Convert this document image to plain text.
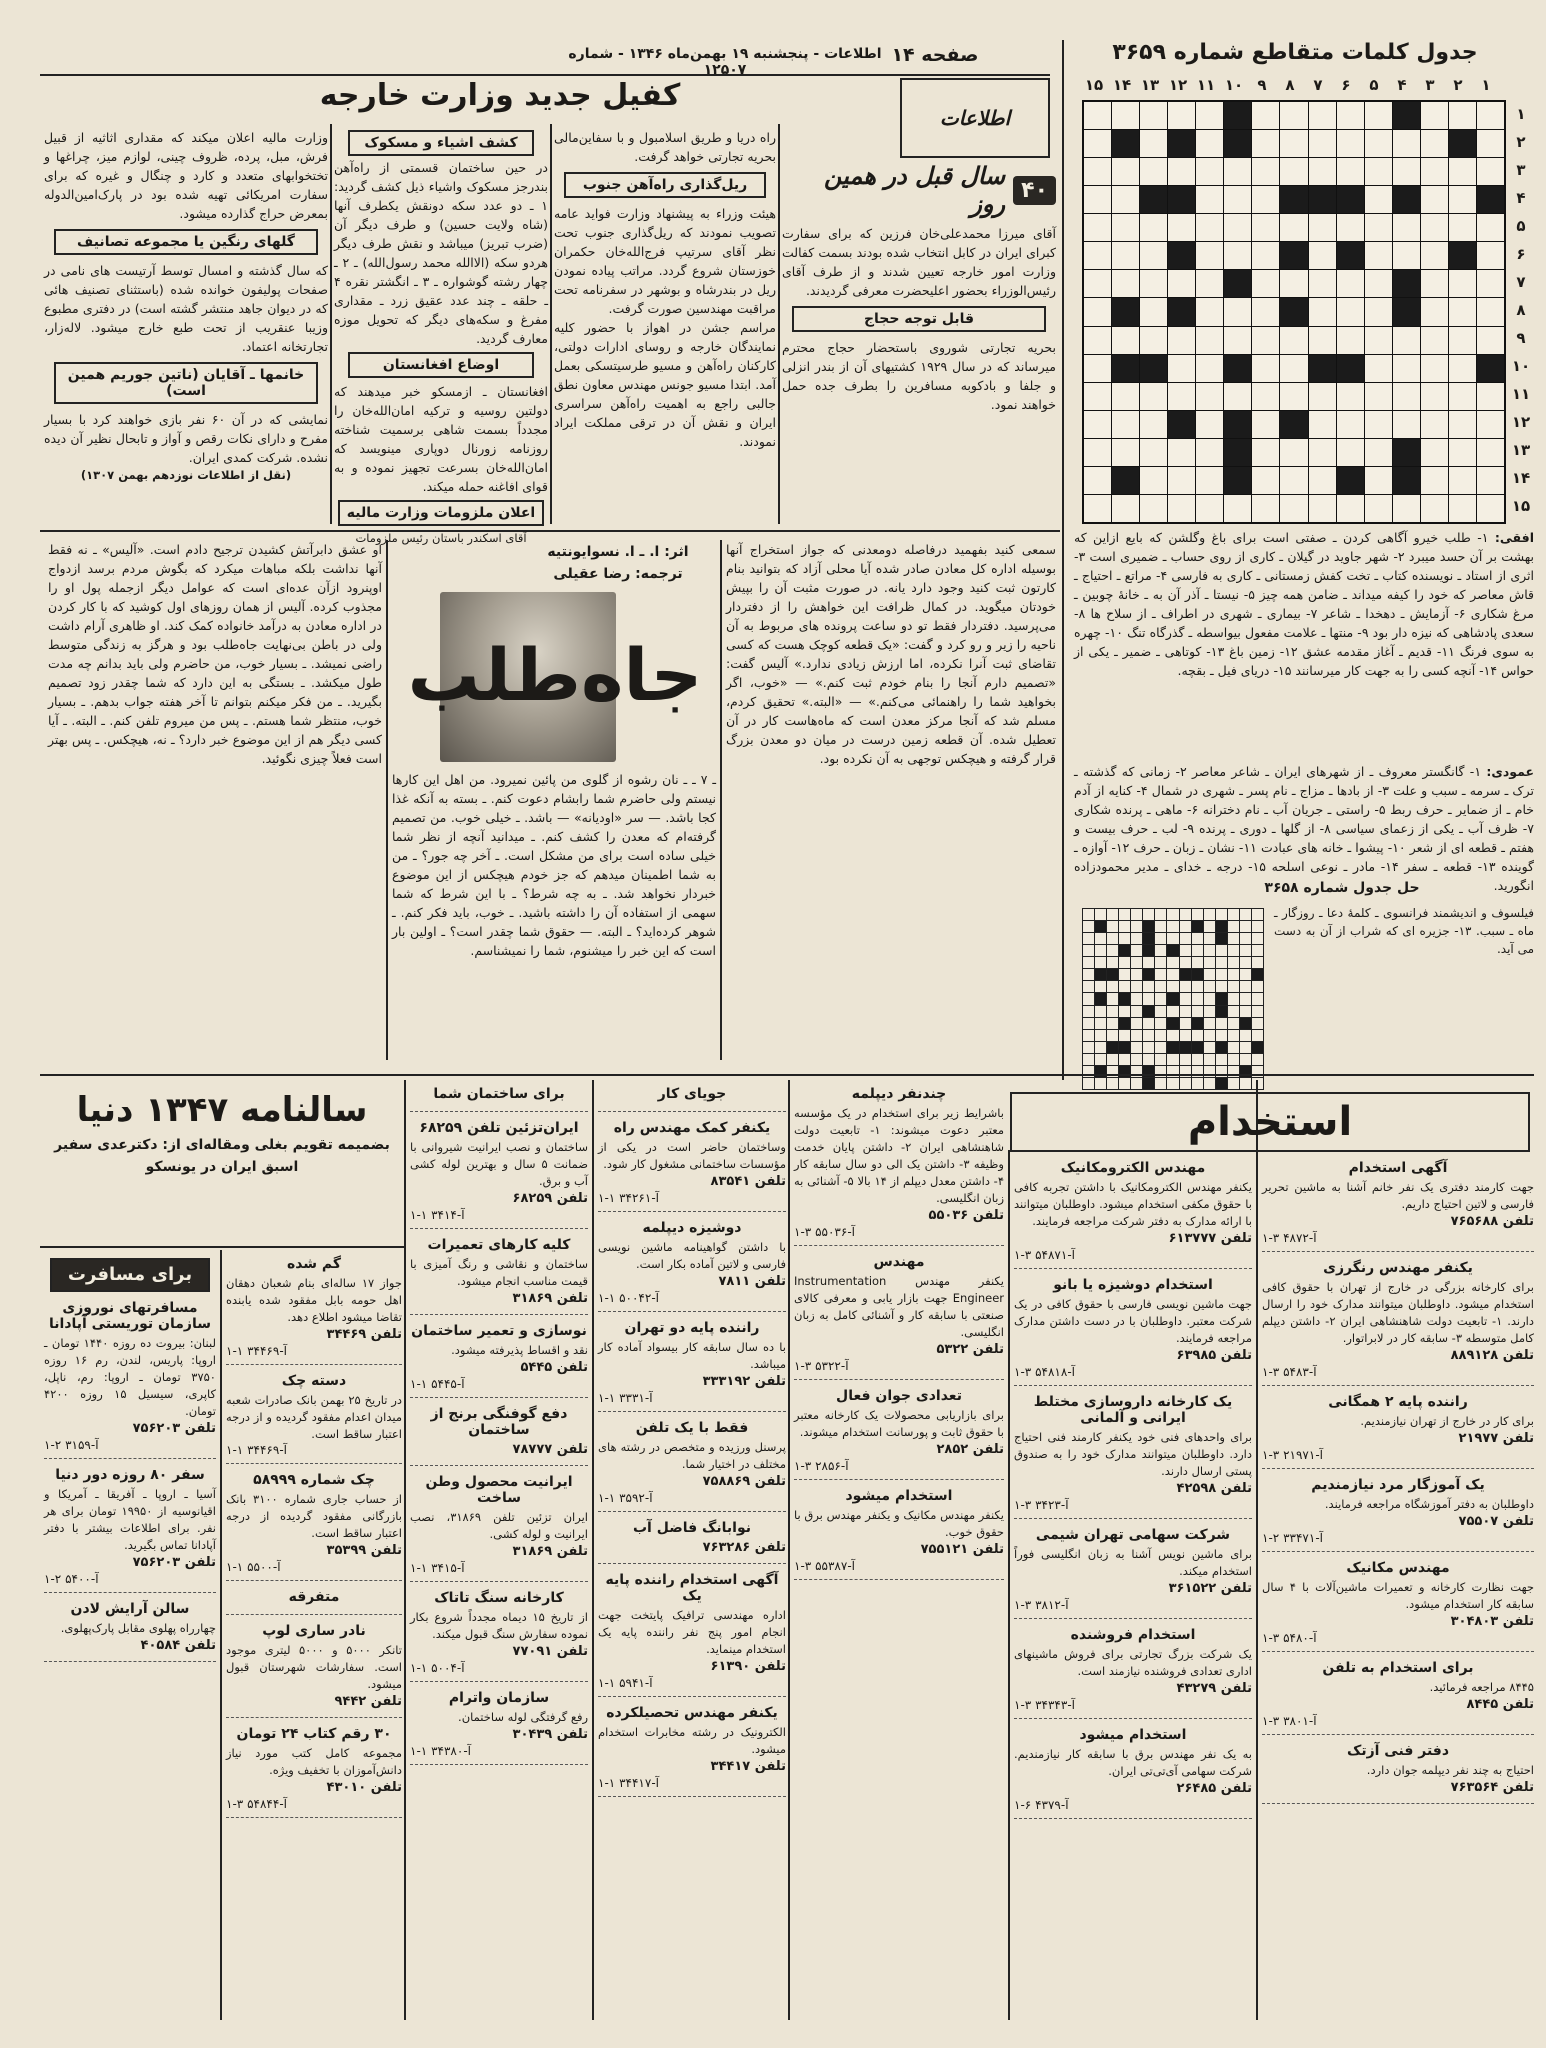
صفحه ۱۴
اطلاعات - پنجشنبه ۱۹ بهمن‌ماه ۱۳۴۶ - شماره ۱۲۵۰۷
جدول کلمات متقاطع شماره ۳۶۵۹
۱
۲
۳
۴
۵
۶
۷
۸
۹
۱۰
۱۱
۱۲
۱۳
۱۴
۱۵
۱
۲
۳
۴
۵
۶
۷
۸
۹
۱۰
۱۱
۱۲
۱۳
۱۴
۱۵
افقی: ۱- طلب خیرو آگاهی کردن ـ صفتی است برای باغ وگلشن که بایع ازاین که بهشت بر آن حسد میبرد ۲- شهر جاوید در گیلان ـ کاری از روی حساب ـ ضمیری است ۳- اثری از استاد ـ نویسنده کتاب ـ تخت کفش زمستانی ـ کاری به فارسی ۴- مراتع ـ احتیاج ـ قاش معاصر که خود را کیفه میداند ـ ضامن همه چیز ۵- نیستا ـ آذر آن به ـ خانهٔ چوبین ـ مرغ شکاری ۶- آزمایش ـ دهخدا ـ شاعر ۷- بیماری ـ شهری در اطراف ـ از سلاح ها ۸- سعدی پادشاهی که نیزه دار بود ۹- منتها ـ علامت مفعول بیواسطه ـ گذرگاه تنگ ۱۰- چهره به سوی فرنگ ۱۱- قدیم ـ آغاز مقدمه عشق ۱۲- زمین باغ ۱۳- کوتاهی ـ ضمیر ـ یکی از حواس ۱۴- آنچه کسی را به جهت کار میرسانند ۱۵- دریای فیل ـ بقچه.
عمودی: ۱- گانگستر معروف ـ از شهرهای ایران ـ شاعر معاصر ۲- زمانی که گذشته ـ ترک ـ سرمه ـ سبب و علت ۳- از بادها ـ مزاج ـ نام پسر ـ شهری در شمال ۴- کنایه از آدم خام ـ از ضمایر ـ حرف ربط ۵- راستی ـ جریان آب ـ نام دخترانه ۶- ماهی ـ پرنده شکاری ۷- ظرف آب ـ یکی از زعمای سیاسی ۸- از گلها ـ دوری ـ پرنده ۹- لب ـ حرف بیست و هفتم ـ قطعه ای از شعر ۱۰- پیشوا ـ خانه های عبادت ۱۱- نشان ـ زبان ـ حرف ۱۲- آوازه ـ گوینده ۱۳- قطعه ـ سفر ۱۴- مادر ـ نوعی اسلحه ۱۵- درجه ـ خدای ـ مدیر محمودزاده انگورید.
حل جدول شماره ۳۶۵۸
فیلسوف و اندیشمند فرانسوی ـ کلمهٔ دعا ـ روزگار ـ ماه ـ سبب. ۱۳- جزیره ای که شراب از آن به دست می آید.
کفیل جدید وزارت خارجه
اطلاعات
وزارت مالیه اعلان میکند که مقداری اثاثیه از قبیل فرش، مبل، پرده، ظروف چینی، لوازم میز، چراغها و تختخوابهای متعدد و کارد و چنگال و غیره که برای سفارت امریکائی تهیه شده بود در پارک‌امین‌الدوله بمعرض حراج گذارده میشود.
گلهای رنگین یا مجموعه تصانیف
که سال گذشته و امسال توسط آرتیست های نامی در صفحات پولیفون خوانده شده (باستثنای تصنیف هائی که در دیوان جاهد منتشر گشته است) در دفتری مطبوع وزیبا عنقریب از تحت طبع خارج میشود. لاله‌زار، تجارتخانه اعتماد.
خانمها ـ آقایان (ناتین جوریم همین است)
نمایشی که در آن ۶۰ نفر بازی خواهند کرد با بسیار مفرح و دارای نکات رقص و آواز و تابحال نظیر آن دیده نشده. شرکت کمدی ایران.
(نقل از اطلاعات نوزدهم بهمن ۱۳۰۷)
کشف اشیاء و مسکوک
در حین ساختمان قسمتی از راه‌آهن بندرجز مسکوک واشیاء ذیل کشف گردید: ۱ ـ دو عدد سکه دونقش یکطرف آنها (شاه ولایت حسین) و طرف دیگر آن (ضرب تبریز) میباشد و نقش‌ طرف دیگر هردو سکه (الاالله محمد رسول‌الله) ـ ۲ ـ چهار رشته گوشواره ـ ۳ ـ انگشتر نقره ۴ ـ حلقه ـ چند عدد عقیق زرد ـ مقداری مفرغ و سکه‌های دیگر که تحویل موزه معارف گردید.
اوضاع افغانستان
افغانستان ـ ازمسکو خبر میدهند که دولتین روسیه و ترکیه امان‌الله‌خان را مجدداً بسمت شاهی برسمیت شناخته روزنامه زورنال دوپاری مینویسد که امان‌الله‌خان بسرعت تجهیز نموده و به قوای افاغنه حمله میکند.
اعلان ملزومات وزارت مالیه
آقای اسکندر باستان رئیس ملزومات
راه دریا و طریق اسلامبول و با سفاین‌مالی بحریه تجارتی خواهد گرفت.
ریل‌گذاری راه‌آهن جنوب
هیئت وزراء به پیشنهاد وزارت فواید عامه تصویب نمودند که ریل‌گذاری جنوب تحت نظر آقای سرتیپ فرج‌الله‌خان حکمران خوزستان شروع گردد. مراتب پیاده نمودن ریل در بندرشاه و بوشهر در سفرنامه تحت مراقبت مهندسین صورت گرفت.
مراسم جشن در اهواز با حضور کلیه نمایندگان خارجه و روسای ادارات دولتی، کارکنان راه‌آهن و مسیو طرسیتسکی بعمل آمد. ابتدا مسیو جونس مهندس معاون نطق جالبی راجع به اهمیت راه‌آهن سراسری ایران و نقش آن در ترقی مملکت ایراد نمودند.
۴۰
سال قبل در همین روز
آقای میرزا محمدعلی‌خان فرزین که برای سفارت کبرای ایران در کابل انتخاب شده بودند بسمت کفالت وزارت امور خارجه تعیین شدند و از طرف آقای رئیس‌الوزراء بحضور اعلیحضرت معرفی گردیدند.
قابل توجه حجاج
بحریه تجارتی شوروی باستحضار حجاج محترم میرساند که در سال ۱۹۲۹ کشتیهای آن از بندر انزلی و جلفا و بادکوبه مسافرین را بطرف جده حمل خواهند نمود.
سمعی کنید بفهمید درفاصله دومعدنی که جواز استخراج آنها بوسیله اداره کل معادن صادر شده آیا محلی آزاد که بتوانید بنام کارتون ثبت کنید وجود دارد یانه. در صورت مثبت آن را بپیش خودتان میگوید. در کمال ظرافت این خواهش را از دفتردار می‌پرسید. دفتردار فقط تو دو ساعت پرونده های مربوط به آن ناحیه را زیر و رو کرد و گفت: «یک قطعه کوچک هست که کسی تقاضای ثبت آنرا نکرده، اما ارزش زیادی ندارد.» آلیس گفت: «تصمیم دارم آنجا را بنام خودم ثبت کنم.» — «خوب، اگر بخواهید شما را راهنمائی می‌کنم.» — «البته.» تحقیق کردم، مسلم شد که آنجا مرکز معدن است که ماه‌هاست کار در آن تعطیل شده. آن قطعه زمین درست در میان دو معدن بزرگ قرار گرفته و هیچکس توجهی به آن نکرده بود.
اثر: ا. ـ ا. نسوایونتیه
ترجمه: رضا عقیلی
جاه‌طلب
ـ ۷ ـ ـ نان رشوه از گلوی من پائین نمیرود. من اهل این کارها نیستم ولی حاضرم شما رابشام دعوت کنم. ـ بسته به آنکه غذا کجا باشد. — سر «اودیانه» — باشد. ـ خیلی خوب. من تصمیم گرفته‌ام که معدن را کشف کنم. ـ میدانید آنچه از نظر شما خیلی ساده است برای من مشکل است. ـ آخر چه جور؟ ـ من به شما اطمینان میدهم که جز خودم هیچکس از این موضوع خبردار نخواهد شد. ـ به چه شرط؟ ـ با این شرط که شما سهمی از استفاده آن را داشته باشید. ـ خوب، باید فکر کنم. ـ شوهر کرده‌اید؟ ـ البته. — حقوق شما چقدر است؟ ـ اولین بار است که این خبر را میشنوم، شما را نمیشناسم.
او عشق دابرآتش کشیدن ترجیح دادم است. «آلیس» ـ نه فقط آنها نداشت بلکه مباهات میکرد که بگوش مردم برسد ازدواج اوپنرود ازآن عده‌ای است که عوامل دیگر ازجمله پول او را مجذوب کرده. آلیس از همان روزهای اول کوشید که با کار کردن در اداره معادن به درآمد خانواده کمک کند. او ظاهری آرام داشت ولی در باطن بی‌نهایت جاه‌طلب بود و هرگز به زندگی متوسط راضی نمیشد. ـ بسیار خوب، من حاضرم ولی باید بدانم چه مدت طول میکشد. ـ بستگی به این دارد که شما چقدر زود تصمیم بگیرید. ـ من فکر میکنم بتوانم تا آخر هفته جواب بدهم. ـ بسیار خوب، منتظر شما هستم. ـ پس من میروم تلفن کنم. ـ البته. ـ آیا کسی دیگر هم از این موضوع خبر دارد؟ ـ نه، هیچکس. ـ پس بهتر است فعلاً چیزی نگوئید.
استخدام
آگهی استخدام

جهت کارمند دفتری یک نفر خانم آشنا به ماشین تحریر فارسی و لاتین احتیاج داریم.

تلفن ۷۶۵۶۸۸
آ-۴۸۷۲ ۳-۱
یکنفر مهندس رنگرزی

برای کارخانه بزرگی در خارج از تهران با حقوق کافی استخدام میشود. داوطلبان میتوانند مدارک خود را ارسال دارند. ۱- تابعیت دولت شاهنشاهی ایران ۲- داشتن دیپلم کامل متوسطه ۳- سابقه کار در لابراتوار.

تلفن ۸۸۹۱۲۸
آ-۵۴۸۳ ۳-۱
راننده پایه ۲ همگانی

برای کار در خارج از تهران نیازمندیم.

تلفن ۲۱۹۷۷
آ-۲۱۹۷۱ ۳-۱
یک آموزگار مرد نیازمندیم

داوطلبان به دفتر آموزشگاه مراجعه فرمایند.

تلفن ۷۵۵۰۷
آ-۳۳۴۷۱ ۲-۱
مهندس مکانیک

جهت نظارت کارخانه و تعمیرات ماشین‌آلات با ۴ سال سابقه کار استخدام میشود.

تلفن ۳۰۴۸۰۳
آ-۵۴۸۰ ۳-۱
برای استخدام به تلفن

۸۴۴۵ مراجعه فرمائید.

تلفن ۸۴۴۵
آ-۳۸۰۱ ۳-۱
دفتر فنی آزتک

احتیاج به چند نفر دیپلمه جوان دارد.

تلفن ۷۶۳۵۶۴
مهندس الکترومکانیک

یکنفر مهندس الکترومکانیک با داشتن تجربه کافی با حقوق مکفی استخدام میشود. داوطلبان میتوانند با ارائه مدارک به دفتر شرکت مراجعه فرمایند.

تلفن ۶۱۳۷۷۷
آ-۵۴۸۷۱ ۳-۱
استخدام دوشیزه یا بانو

جهت ماشین نویسی فارسی با حقوق کافی در یک شرکت معتبر. داوطلبان با در دست داشتن مدارک مراجعه فرمایند.

تلفن ۶۳۹۸۵
آ-۵۴۸۱۸ ۳-۱
یک کارخانه داروسازی مختلط ایرانی و آلمانی

برای واحدهای فنی خود یکنفر کارمند فنی احتیاج دارد. داوطلبان میتوانند مدارک خود را به صندوق پستی ارسال دارند.

تلفن ۴۲۵۹۸
آ-۳۴۲۳ ۳-۱
شرکت سهامی تهران شیمی

برای ماشین نویس آشنا به زبان انگلیسی فوراً استخدام میکند.

تلفن ۳۶۱۵۲۲
آ-۳۸۱۲ ۳-۱
استخدام فروشنده

یک شرکت بزرگ تجارتی برای فروش ماشینهای اداری تعدادی فروشنده نیازمند است.

تلفن ۴۳۲۷۹
آ-۳۴۳۴۳ ۳-۱
استخدام میشود

به یک نفر مهندس برق با سابقه کار نیازمندیم. شرکت سهامی آی‌تی‌تی ایران.

تلفن ۲۶۴۸۵
آ-۴۳۷۹ ۶-۱
چندنفر دیپلمه

باشرایط زیر برای استخدام در یک مؤسسه معتبر دعوت میشوند: ۱- تابعیت دولت شاهنشاهی ایران ۲- داشتن پایان خدمت وظیفه ۳- داشتن یک الی دو سال سابقه کار ۴- داشتن معدل دیپلم از ۱۴ بالا ۵- آشنائی به زبان انگلیسی.

تلفن ۵۵۰۳۶
آ-۵۵۰۳۶ ۳-۱
مهندس

یکنفر مهندس Instrumentation Engineer جهت بازار یابی و معرفی کالای صنعتی با سابقه کار و آشنائی کامل به زبان انگلیسی.

تلفن ۵۳۲۲
آ-۵۳۲۲ ۳-۱
تعدادی جوان فعال

برای بازاریابی محصولات یک کارخانه معتبر با حقوق ثابت و پورسانت استخدام میشوند.

تلفن ۲۸۵۲
آ-۲۸۵۶ ۳-۱
استخدام میشود

یکنفر مهندس مکانیک و یکنفر مهندس برق با حقوق خوب.

تلفن ۷۵۵۱۲۱
آ-۵۵۳۸۷ ۳-۱
جویای کار
یکنفر کمک مهندس راه

وساختمان حاضر است در یکی از مؤسسات ساختمانی مشغول کار شود.

تلفن ۸۳۵۴۱
آ-۳۴۲۶۱ ۱-۱
دوشیزه دیپلمه

با داشتن گواهینامه ماشین نویسی فارسی و لاتین آماده بکار است.

تلفن ۷۸۱۱
آ-۵۰۰۴۲ ۱-۱
راننده پایه دو تهران

با ده سال سابقه کار بیسواد آماده کار میباشد.

تلفن ۳۳۳۱۹۲
آ-۳۳۳۱ ۱-۱
فقط با یک تلفن

پرسنل ورزیده و متخصص در رشته های مختلف در اختیار شما.

تلفن ۷۵۸۸۶۹
آ-۳۵۹۲ ۱-۱
نوابانگ فاضل آب
تلفن ۷۶۳۲۸۶
آگهی استخدام راننده پایه یک

اداره مهندسی ترافیک پایتخت جهت انجام امور پنج نفر راننده پایه یک استخدام مینماید.

تلفن ۶۱۳۹۰
آ-۵۹۴۱ ۱-۱
یکنفر مهندس تحصیلکرده

الکترونیک در رشته مخابرات استخدام میشود.

تلفن ۳۴۴۱۷
آ-۳۴۴۱۷ ۱-۱
برای ساختمان شما
ایران‌تزئین تلفن ۶۸۲۵۹

ساختمان و نصب ایرانیت شیروانی با ضمانت ۵ سال و بهترین لوله کشی آب و برق.

تلفن ۶۸۲۵۹
آ-۳۴۱۴ ۱-۱
کلیه کارهای تعمیرات

ساختمان و نقاشی و رنگ آمیزی با قیمت مناسب انجام میشود.

تلفن ۳۱۸۶۹
نوسازی و تعمیر ساختمان

نقد و اقساط پذیرفته میشود.

تلفن ۵۴۴۵
آ-۵۴۴۵ ۱-۱
دفع گوفنگی برنج از ساختمان
تلفن ۷۸۷۷۷
ایرانیت محصول وطن ساخت

ایران تزئین تلفن ۳۱۸۶۹، نصب ایرانیت و لوله کشی.

تلفن ۳۱۸۶۹
آ-۳۴۱۵ ۱-۱
کارخانه سنگ تاتاک

از تاریخ ۱۵ دیماه مجدداً شروع بکار نموده سفارش سنگ قبول میکند.

تلفن ۷۷۰۹۱
آ-۵۰۰۴ ۱-۱
سازمان واترام

رفع گرفتگی لوله ساختمان.

تلفن ۳۰۴۳۹
آ-۳۴۳۸۰ ۱-۱
گم شده

جواز ۱۷ ساله‌ای بنام شعبان دهقان اهل حومه بابل مفقود شده یابنده تقاضا میشود اطلاع دهد.

تلفن ۳۴۴۶۹
آ-۳۴۴۶۹ ۱-۱
دسته چک

در تاریخ ۲۵ بهمن بانک صادرات شعبه میدان اعدام مفقود گردیده و از درجه اعتبار ساقط است.

آ-۳۴۴۶۹ ۱-۱
چک شماره ۵۸۹۹۹

از حساب جاری شماره ۳۱۰۰ بانک بازرگانی مفقود گردیده از درجه اعتبار ساقط است.

تلفن ۳۵۳۹۹
آ-۵۵۰۰ ۱-۱
متفرقه
نادر ساری لوپ

تانکر ۵۰۰۰ و ۵۰۰۰ لیتری موجود است. سفارشات شهرستان قبول میشود.

تلفن ۹۴۴۲
۳۰ رقم کتاب ۲۴ تومان

مجموعه کامل کتب مورد نیاز دانش‌آموزان با تخفیف ویژه.

تلفن ۴۳۰۱۰
آ-۵۴۸۴۴ ۳-۱
سالنامه ۱۳۴۷ دنیا
بضمیمه تقویم بغلی ومقاله‌ای از: دکترعدی سفیر اسبق ایران در یونسکو
برای مسافرت
مسافرتهای نوروزی سازمان توریستی آپادانا

لبنان: بیروت ده روزه ۱۴۴۰ تومان ـ اروپا: پاریس، لندن، رم ۱۶ روزه ۳۷۵۰ تومان ـ اروپا: رم، ناپل، کاپری، سیسیل ۱۵ روزه ۴۲۰۰ تومان.

تلفن ۷۵۶۲۰۳
آ-۳۱۵۹ ۲-۱
سفر ۸۰ روزه دور دنیا

آسیا ـ اروپا ـ آفریقا ـ آمریکا و اقیانوسیه از ۱۹۹۵۰ تومان برای هر نفر. برای اطلاعات بیشتر با دفتر آپادانا تماس بگیرید.

تلفن ۷۵۶۲۰۳
آ-۵۴۰۰ ۲-۱
سالن آرایش لادن

چهارراه پهلوی مقابل پارک‌پهلوی.

تلفن ۴۰۵۸۴
